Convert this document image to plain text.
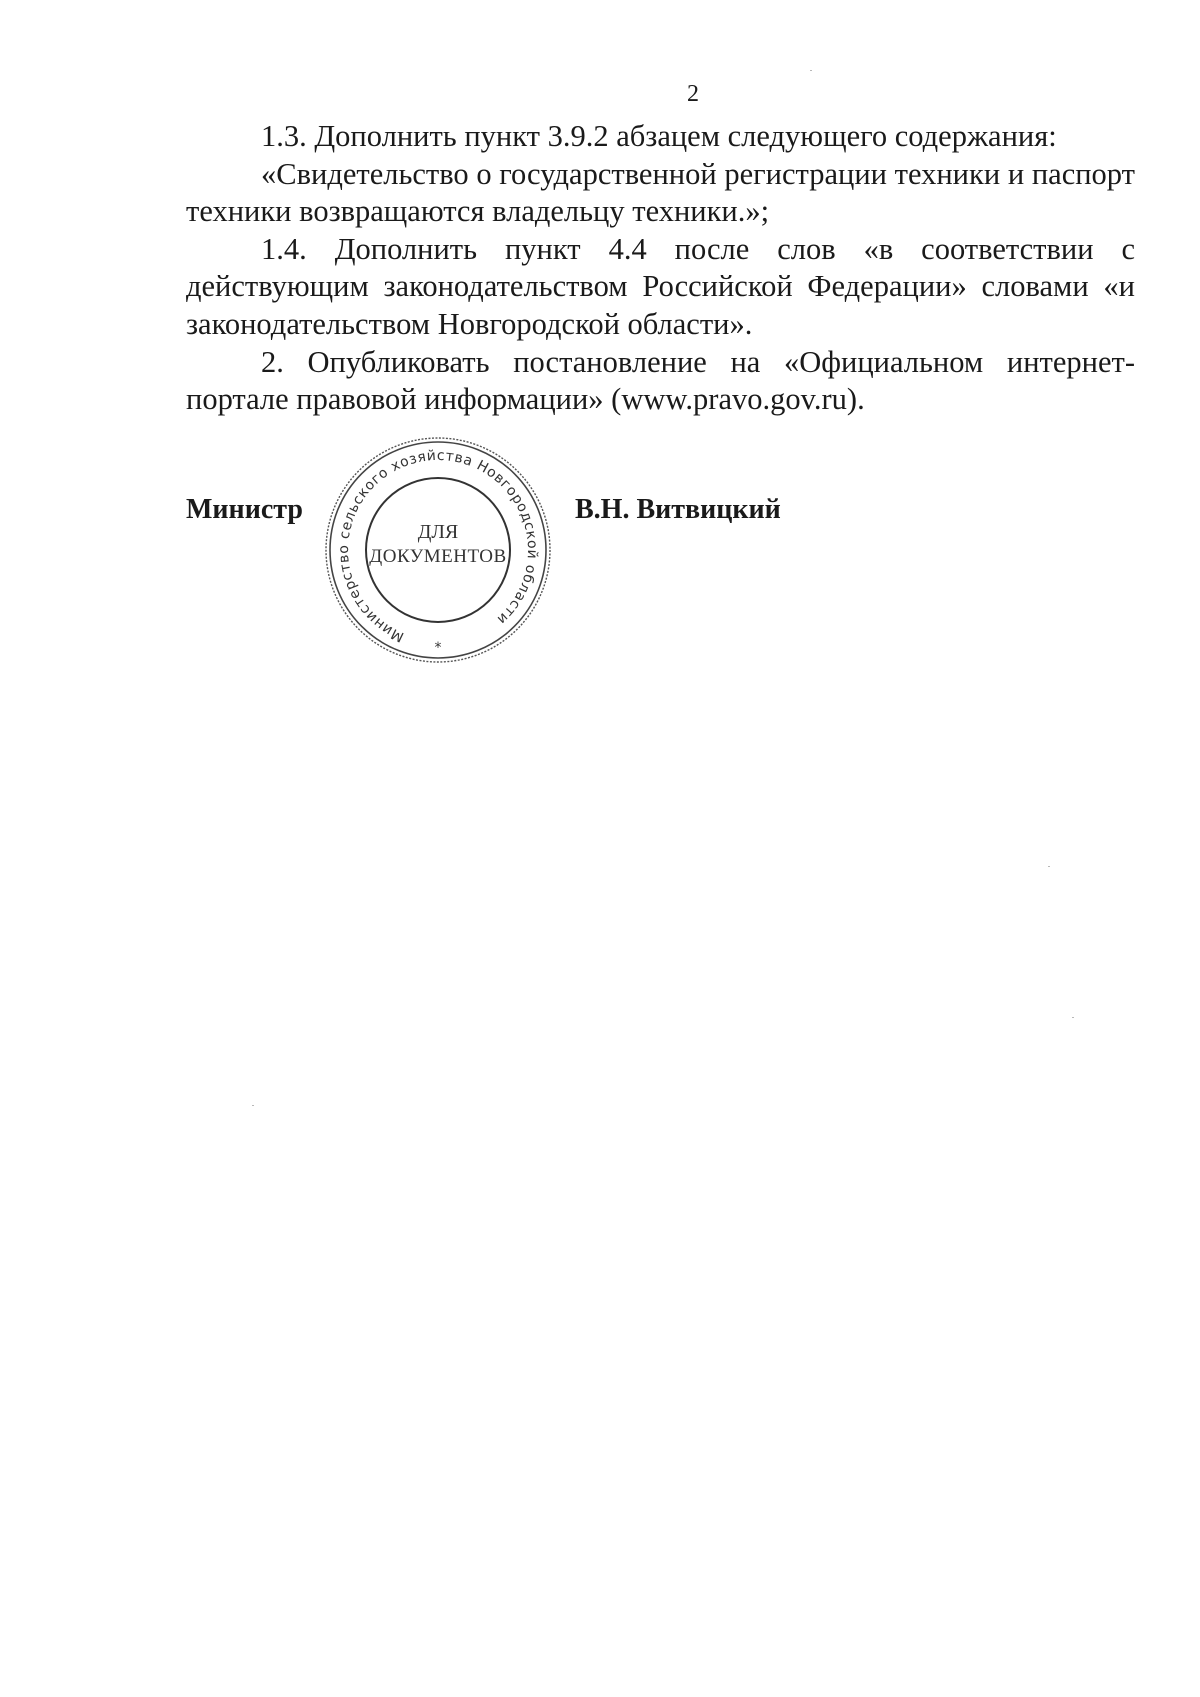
2

1.3. Дополнить пункт 3.9.2 абзацем следующего содержания:

«Свидетельство о государственной регистрации техники и паспорт техники возвращаются владельцу техники.»;

1.4. Дополнить пункт 4.4 после слов «в соответствии с действующим законодательством Российской Федерации» словами «и законодательством Новгородской области».

2. Опубликовать постановление на «Официальном интернет-портале правовой информации» (www.pravo.gov.ru).

Министр	В.Н. Витвицкий
Министерство сельского хозяйства Новгородской области
ДЛЯ
ДОКУМЕНТОВ
*
